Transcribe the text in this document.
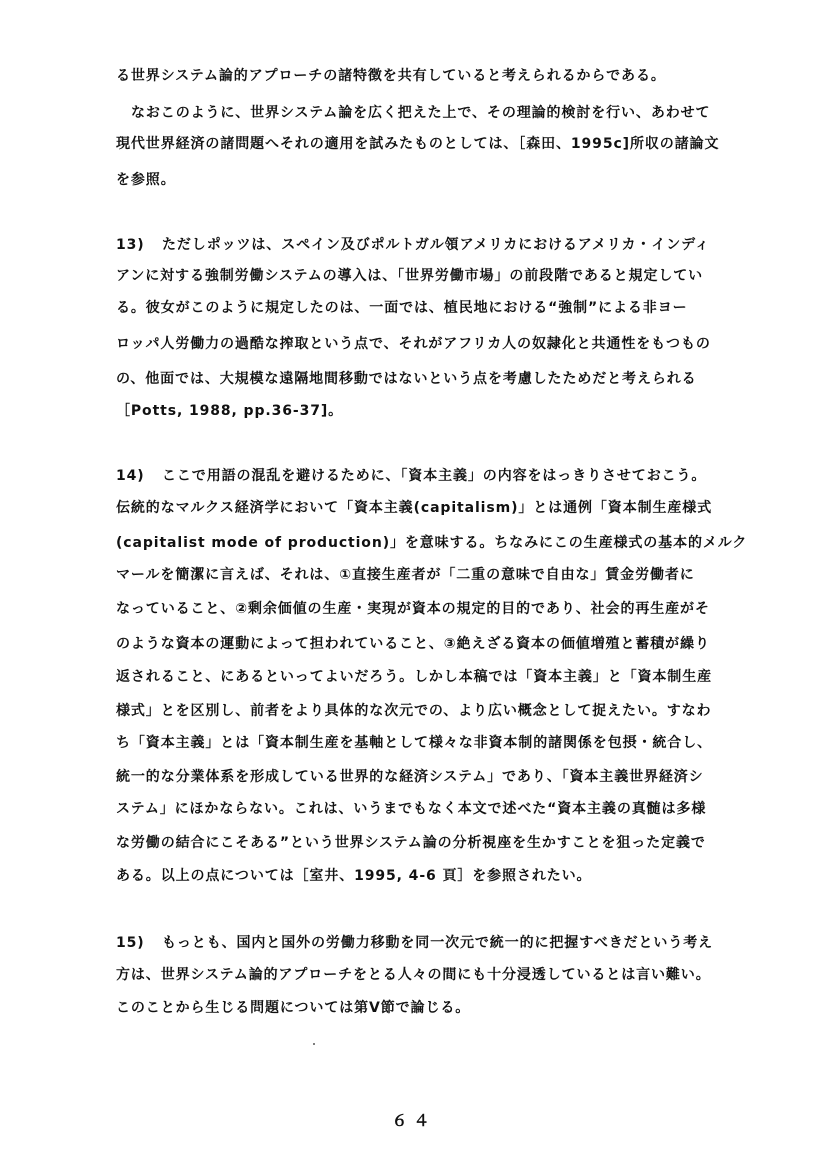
る世界システム論的アプローチの諸特徴を共有していると考えられるからである。
なおこのように、世界システム論を広く把えた上で、その理論的検討を行い、あわせて
現代世界経済の諸問題へそれの適用を試みたものとしては、［森田、1995c]所収の諸論文
を参照。
13) ただしポッツは、スペイン及びポルトガル領アメリカにおけるアメリカ・インディ
アンに対する強制労働システムの導入は、「世界労働市場」の前段階であると規定してい
る。彼女がこのように規定したのは、一面では、植民地における“強制”による非ヨー
ロッパ人労働力の過酷な搾取という点で、それがアフリカ人の奴隷化と共通性をもつもの
の、他面では、大規模な遠隔地間移動ではないという点を考慮したためだと考えられる
［Potts, 1988, pp.36-37]。
14) ここで用語の混乱を避けるために、「資本主義」の内容をはっきりさせておこう。
伝統的なマルクス経済学において「資本主義(capitalism)」とは通例「資本制生産様式
(capitalist mode of production)」を意味する。ちなみにこの生産様式の基本的メルク
マールを簡潔に言えば、それは、①直接生産者が「二重の意味で自由な」賃金労働者に
なっていること、②剰余価値の生産・実現が資本の規定的目的であり、社会的再生産がそ
のような資本の運動によって担われていること、③絶えざる資本の価値増殖と蓄積が繰り
返されること、にあるといってよいだろう。しかし本稿では「資本主義」と「資本制生産
様式」とを区別し、前者をより具体的な次元での、より広い概念として捉えたい。すなわ
ち「資本主義」とは「資本制生産を基軸として様々な非資本制的諸関係を包摂・統合し、
統一的な分業体系を形成している世界的な経済システム」であり、「資本主義世界経済シ
ステム」にほかならない。これは、いうまでもなく本文で述べた“資本主義の真髄は多様
な労働の結合にこそある”という世界システム論の分析視座を生かすことを狙った定義で
ある。以上の点については［室井、1995, 4-6 頁］を参照されたい。
15) もっとも、国内と国外の労働力移動を同一次元で統一的に把握すべきだという考え
方は、世界システム論的アプローチをとる人々の間にも十分浸透しているとは言い難い。
このことから生じる問題については第Ⅴ節で論じる。
６４
